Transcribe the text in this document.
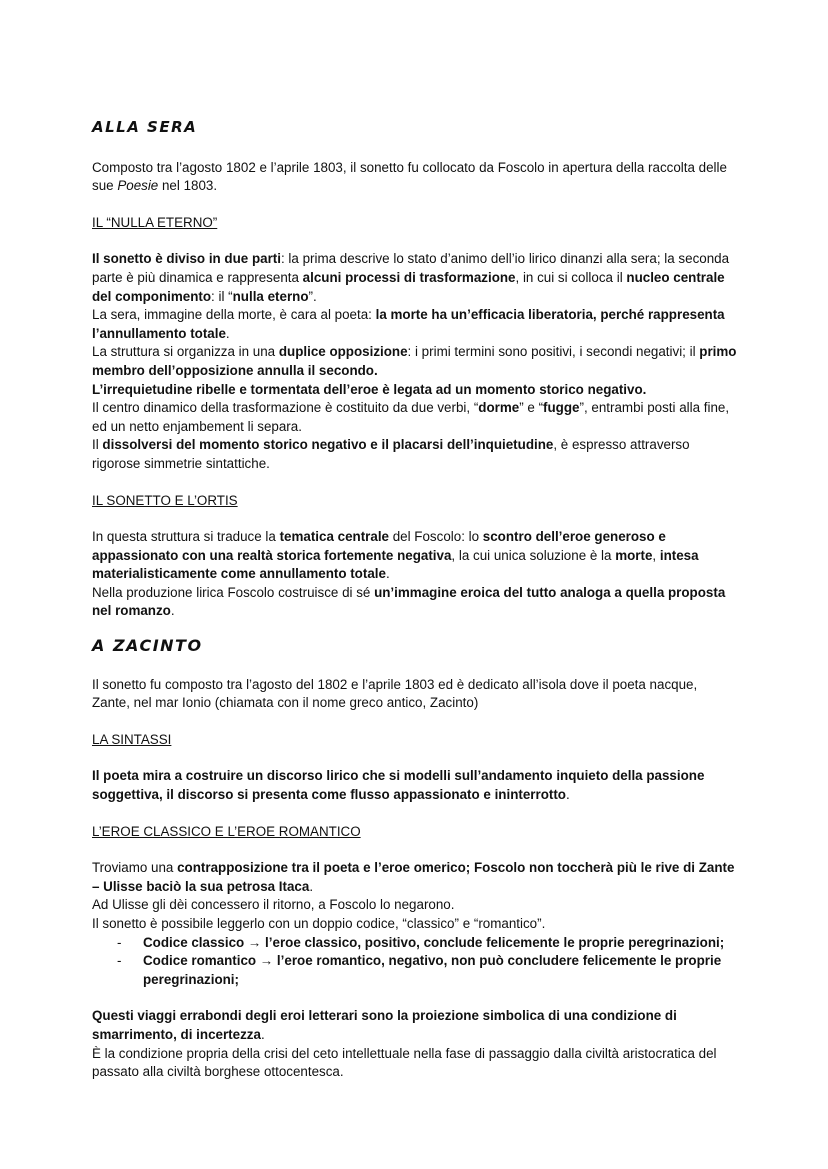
ALLA SERA

Composto tra l’agosto 1802 e l’aprile 1803, il sonetto fu collocato da Foscolo in apertura della raccolta delle sue Poesie nel 1803.

IL “NULLA ETERNO”

Il sonetto è diviso in due parti: la prima descrive lo stato d’animo dell’io lirico dinanzi alla sera; la seconda parte è più dinamica e rappresenta alcuni processi di trasformazione, in cui si colloca il nucleo centrale del componimento: il “nulla eterno”.

La sera, immagine della morte, è cara al poeta: la morte ha un’efficacia liberatoria, perché rappresenta l’annullamento totale.

La struttura si organizza in una duplice opposizione: i primi termini sono positivi, i secondi negativi; il primo membro dell’opposizione annulla il secondo.

L’irrequietudine ribelle e tormentata dell’eroe è legata ad un momento storico negativo.

Il centro dinamico della trasformazione è costituito da due verbi, “dorme” e “fugge”, entrambi posti alla fine, ed un netto enjambement li separa.

Il dissolversi del momento storico negativo e il placarsi dell’inquietudine, è espresso attraverso rigorose simmetrie sintattiche.

IL SONETTO E L’ORTIS

In questa struttura si traduce la tematica centrale del Foscolo: lo scontro dell’eroe generoso e appassionato con una realtà storica fortemente negativa, la cui unica soluzione è la morte, intesa materialisticamente come annullamento totale.

Nella produzione lirica Foscolo costruisce di sé un’immagine eroica del tutto analoga a quella proposta nel romanzo.

A ZACINTO

Il sonetto fu composto tra l’agosto del 1802 e l’aprile 1803 ed è dedicato all’isola dove il poeta nacque, Zante, nel mar Ionio (chiamata con il nome greco antico, Zacinto)

LA SINTASSI

Il poeta mira a costruire un discorso lirico che si modelli sull’andamento inquieto della passione soggettiva, il discorso si presenta come flusso appassionato e ininterrotto.

L’EROE CLASSICO E L’EROE ROMANTICO

Troviamo una contrapposizione tra il poeta e l’eroe omerico; Foscolo non toccherà più le rive di Zante – Ulisse baciò la sua petrosa Itaca.

Ad Ulisse gli dèi concessero il ritorno, a Foscolo lo negarono.

Il sonetto è possibile leggerlo con un doppio codice, “classico” e “romantico”.

- Codice classico → l’eroe classico, positivo, conclude felicemente le proprie peregrinazioni;
- Codice romantico → l’eroe romantico, negativo, non può concludere felicemente le proprie peregrinazioni;

Questi viaggi errabondi degli eroi letterari sono la proiezione simbolica di una condizione di smarrimento, di incertezza.

È la condizione propria della crisi del ceto intellettuale nella fase di passaggio dalla civiltà aristocratica del passato alla civiltà borghese ottocentesca.
